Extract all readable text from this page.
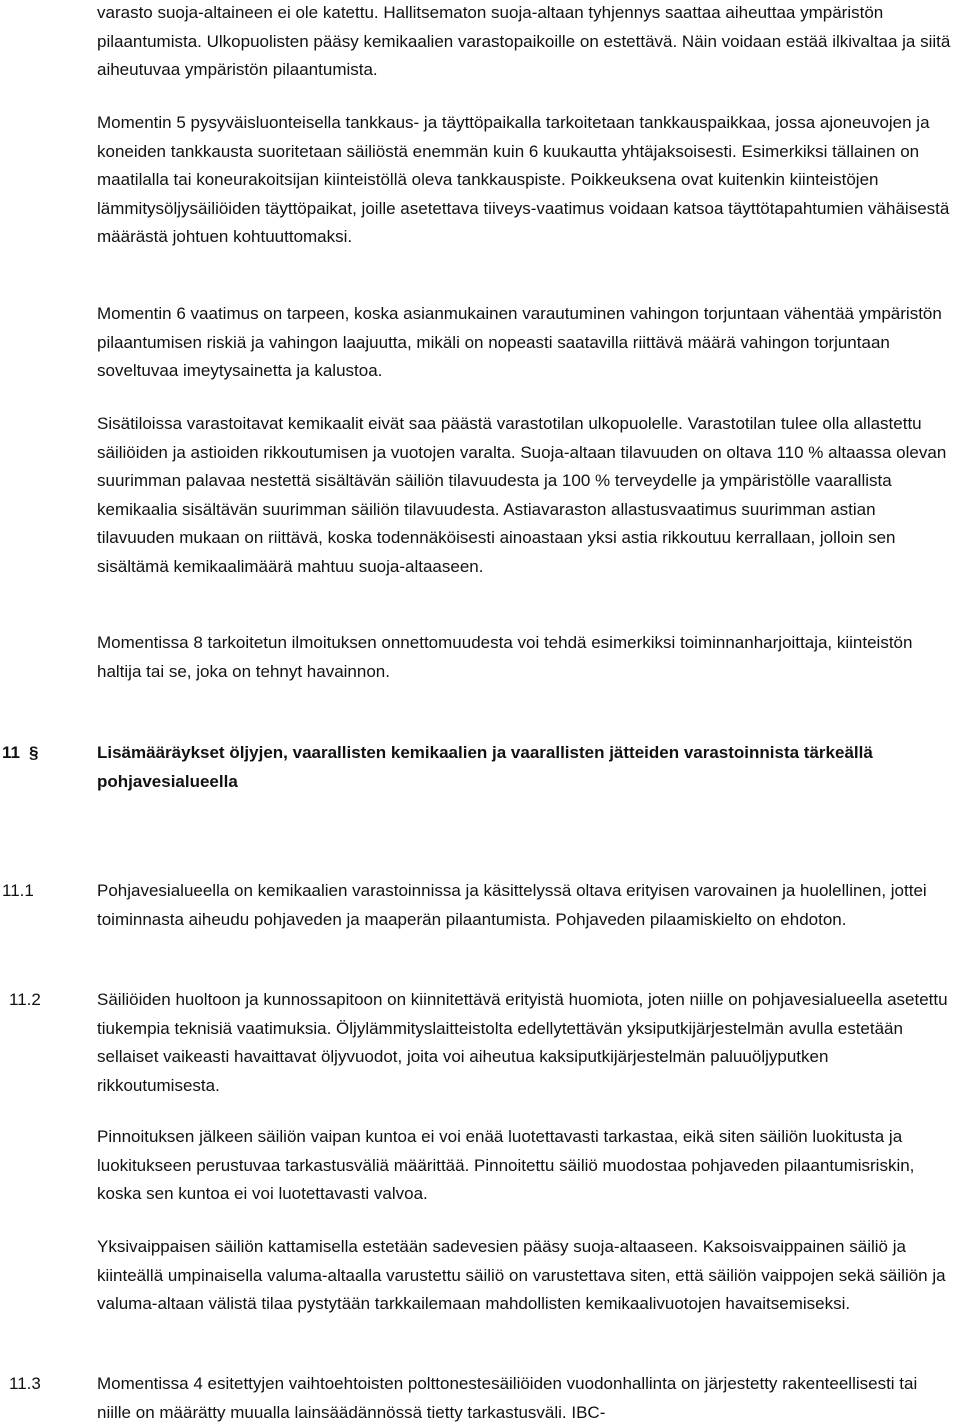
varasto suoja-altaineen ei ole katettu. Hallitsematon suoja-altaan tyhjennys saattaa aiheuttaa ympäristön pilaantumista. Ulkopuolisten pääsy kemikaalien varastopaikoille on estettävä. Näin voidaan estää ilkivaltaa ja siitä aiheutuvaa ympäristön pilaantumista.

Momentin 5 pysyväisluonteisella tankkaus- ja täyttöpaikalla tarkoitetaan tankkauspaikkaa, jossa ajoneuvojen ja koneiden tankkausta suoritetaan säiliöstä enemmän kuin 6 kuukautta yhtäjaksoisesti. Esimerkiksi tällainen on maatilalla tai koneurakoitsijan kiinteistöllä oleva tankkauspiste. Poikkeuksena ovat kuitenkin kiinteistöjen lämmitysöljysäiliöiden täyttöpaikat, joille asetettava tiiveys-vaatimus voidaan katsoa täyttötapahtumien vähäisestä määrästä johtuen kohtuuttomaksi.

Momentin 6 vaatimus on tarpeen, koska asianmukainen varautuminen vahingon torjuntaan vähentää ympäristön pilaantumisen riskiä ja vahingon laajuutta, mikäli on nopeasti saatavilla riittävä määrä vahingon torjuntaan soveltuvaa imeytysainetta ja kalustoa.

Sisätiloissa varastoitavat kemikaalit eivät saa päästä varastotilan ulkopuolelle. Varastotilan tulee olla allastettu säiliöiden ja astioiden rikkoutumisen ja vuotojen varalta. Suoja-altaan tilavuuden on oltava 110 % altaassa olevan suurimman palavaa nestettä sisältävän säiliön tilavuudesta ja 100 % terveydelle ja ympäristölle vaarallista kemikaalia sisältävän suurimman säiliön tilavuudesta. Astiavaraston allastusvaatimus suurimman astian tilavuuden mukaan on riittävä, koska todennäköisesti ainoastaan yksi astia rikkoutuu kerrallaan, jolloin sen sisältämä kemikaalimäärä mahtuu suoja-altaaseen.

Momentissa 8 tarkoitetun ilmoituksen onnettomuudesta voi tehdä esimerkiksi toiminnanharjoittaja, kiinteistön haltija tai se, joka on tehnyt havainnon.

11 §	Lisämääräykset öljyjen, vaarallisten kemikaalien ja vaarallisten jätteiden varastoinnista tärkeällä pohjavesialueella

11.1	Pohjavesialueella on kemikaalien varastoinnissa ja käsittelyssä oltava erityisen varovainen ja huolellinen, jottei toiminnasta aiheudu pohjaveden ja maaperän pilaantumista. Pohjaveden pilaamiskielto on ehdoton.

11.2	Säiliöiden huoltoon ja kunnossapitoon on kiinnitettävä erityistä huomiota, joten niille on pohjavesialueella asetettu tiukempia teknisiä vaatimuksia. Öljylämmityslaitteistolta edellytettävän yksiputkijärjestelmän avulla estetään sellaiset vaikeasti havaittavat öljyvuodot, joita voi aiheutua kaksiputkijärjestelmän paluuöljyputken rikkoutumisesta.

Pinnoituksen jälkeen säiliön vaipan kuntoa ei voi enää luotettavasti tarkastaa, eikä siten säiliön luokitusta ja luokitukseen perustuvaa tarkastusväliä määrittää. Pinnoitettu säiliö muodostaa pohjaveden pilaantumisriskin, koska sen kuntoa ei voi luotettavasti valvoa.

Yksivaippaisen säiliön kattamisella estetään sadevesien pääsy suoja-altaaseen. Kaksoisvaippainen säiliö ja kiinteällä umpinaisella valuma-altaalla varustettu säiliö on varustettava siten, että säiliön vaippojen sekä säiliön ja valuma-altaan välistä tilaa pystytään tarkkailemaan mahdollisten kemikaalivuotojen havaitsemiseksi.

11.3	Momentissa 4 esitettyjen vaihtoehtoisten polttonestesäiliöiden vuodonhallinta on järjestetty rakenteellisesti tai niille on määrätty muualla lainsäädännössä tietty tarkastusväli. IBC-
